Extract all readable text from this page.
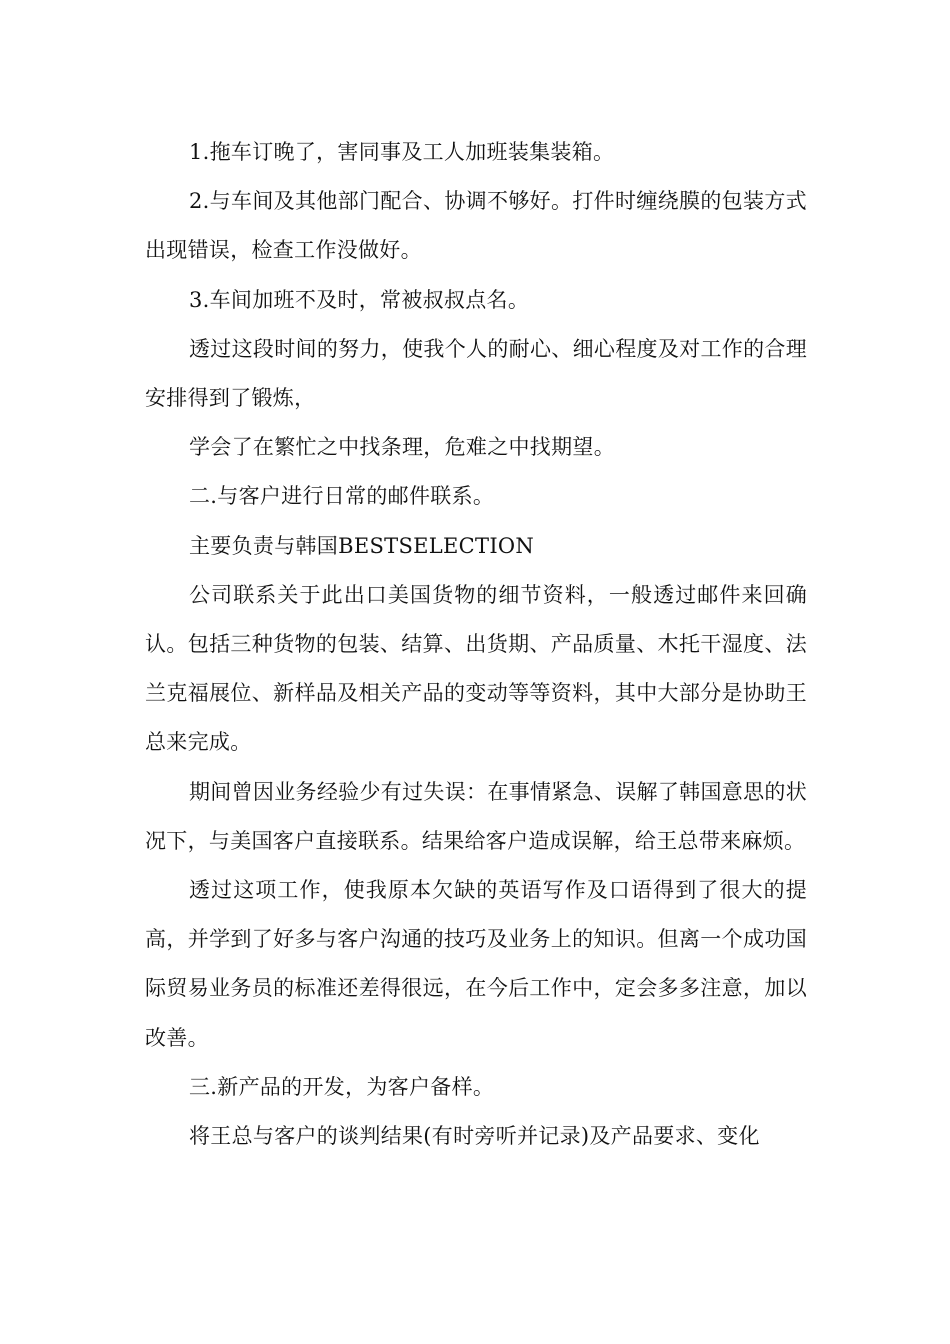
1.拖车订晚了，害同事及工人加班装集装箱。

2.与车间及其他部门配合、协调不够好。打件时缠绕膜的包装方式出现错误，检查工作没做好。

3.车间加班不及时，常被叔叔点名。

透过这段时间的努力，使我个人的耐心、细心程度及对工作的合理安排得到了锻炼，

学会了在繁忙之中找条理，危难之中找期望。

二.与客户进行日常的邮件联系。

主要负责与韩国BESTSELECTION

公司联系关于此出口美国货物的细节资料，一般透过邮件来回确认。包括三种货物的包装、结算、出货期、产品质量、木托干湿度、法兰克福展位、新样品及相关产品的变动等等资料，其中大部分是协助王总来完成。

期间曾因业务经验少有过失误：在事情紧急、误解了韩国意思的状况下，与美国客户直接联系。结果给客户造成误解，给王总带来麻烦。

透过这项工作，使我原本欠缺的英语写作及口语得到了很大的提高，并学到了好多与客户沟通的技巧及业务上的知识。但离一个成功国际贸易业务员的标准还差得很远，在今后工作中，定会多多注意，加以改善。

三.新产品的开发，为客户备样。

将王总与客户的谈判结果(有时旁听并记录)及产品要求、变化
